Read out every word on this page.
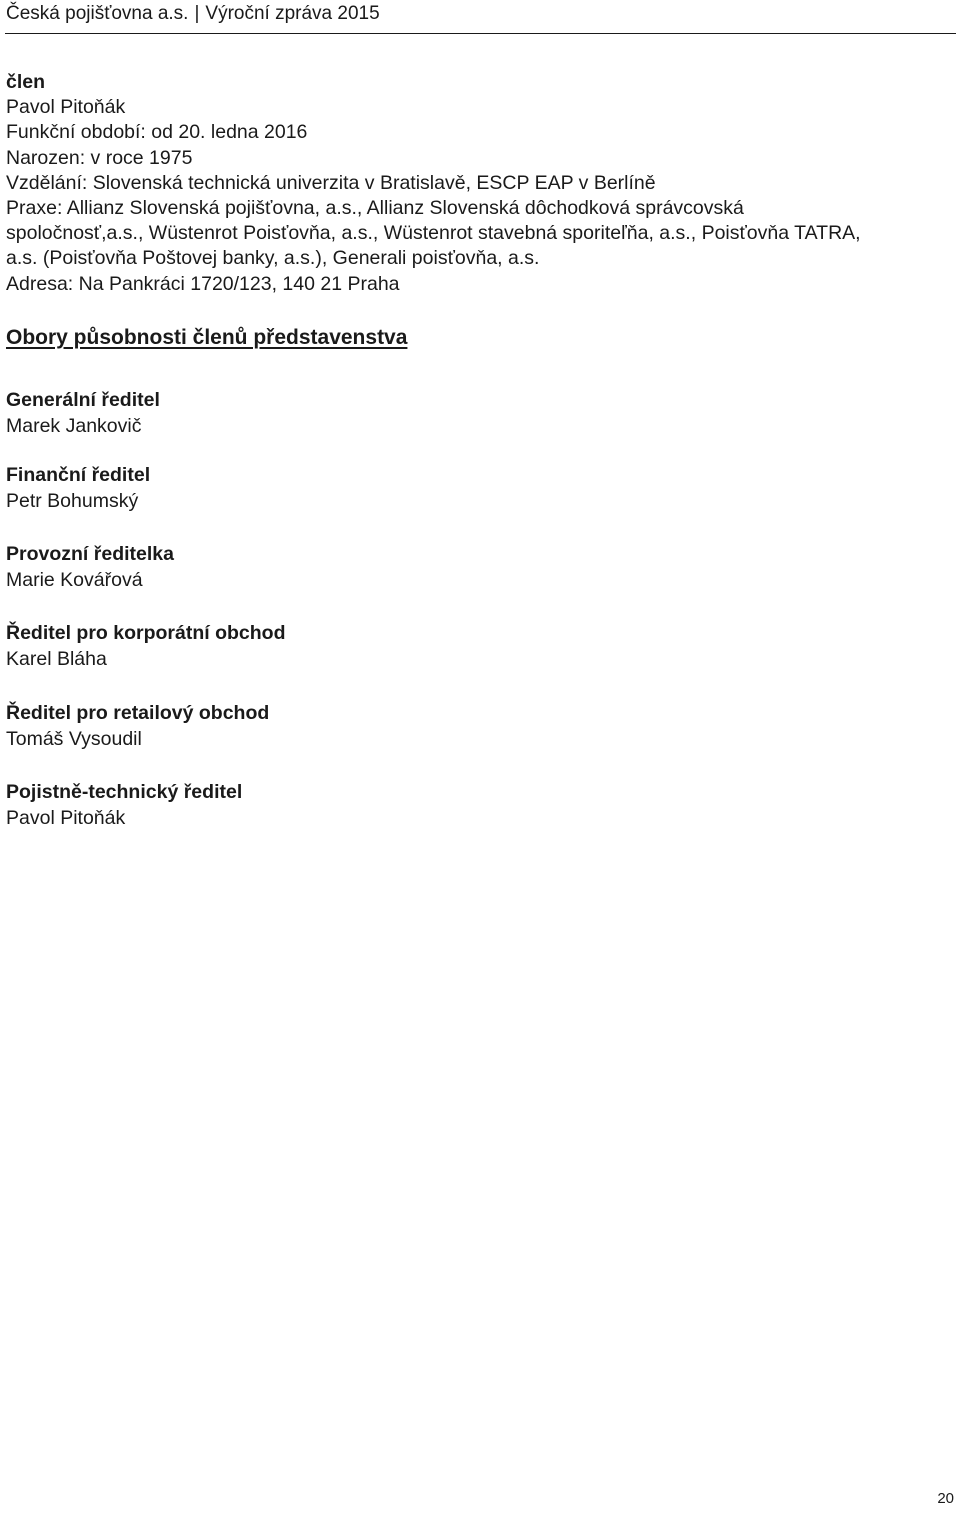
Česká pojišťovna a.s. | Výroční zpráva 2015
člen
Pavol Pitoňák
Funkční období: od 20. ledna 2016
Narozen: v roce 1975
Vzdělání: Slovenská technická univerzita v Bratislavě, ESCP EAP v Berlíně
Praxe: Allianz Slovenská pojišťovna, a.s., Allianz Slovenská dôchodková správcovská
spoločnosť,a.s., Wüstenrot Poisťovňa, a.s., Wüstenrot stavebná sporiteľňa, a.s., Poisťovňa TATRA,
a.s. (Poisťovňa Poštovej banky, a.s.), Generali poisťovňa, a.s.
Adresa: Na Pankráci 1720/123, 140 21 Praha
Obory působnosti členů představenstva
Generální ředitel
Marek Jankovič
Finanční ředitel
Petr Bohumský
Provozní ředitelka
Marie Kovářová
Ředitel pro korporátní obchod
Karel Bláha
Ředitel pro retailový obchod
Tomáš Vysoudil
Pojistně-technický ředitel
Pavol Pitoňák
20
